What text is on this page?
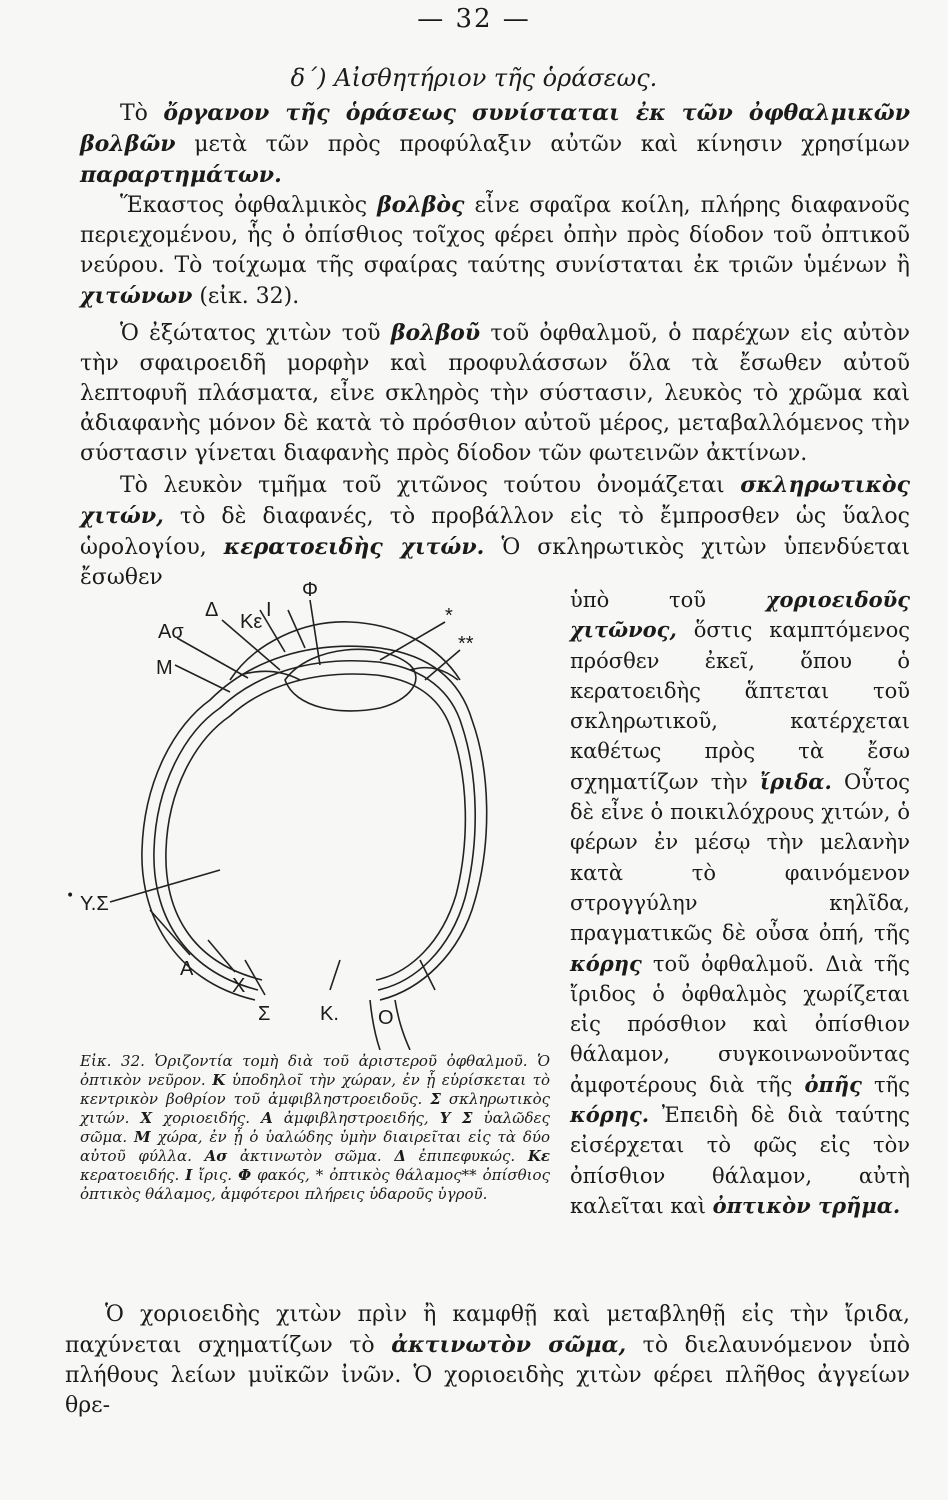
— 32 —
δ΄) Αἰσθητήριον τῆς ὁράσεως.

Τὸ ὄργανον τῆς ὁράσεως συνίσταται ἐκ τῶν ὀφθαλμικῶν βολβῶν μετὰ τῶν πρὸς προφύλαξιν αὐτῶν καὶ κίνησιν χρησίμων παραρτημάτων.

Ἕκαστος ὀφθαλμικὸς βολβὸς εἶνε σφαῖρα κοίλη, πλήρης διαφανοῦς περιεχομένου, ἧς ὁ ὀπίσθιος τοῖχος φέρει ὀπὴν πρὸς δίοδον τοῦ ὀπτικοῦ νεύρου. Τὸ τοίχωμα τῆς σφαίρας ταύτης συνίσταται ἐκ τριῶν ὑμένων ἢ χιτώνων (εἰκ. 32).

Ὁ ἐξώτατος χιτὼν τοῦ βολβοῦ τοῦ ὀφθαλμοῦ, ὁ παρέχων εἰς αὐτὸν τὴν σφαιροειδῆ μορφὴν καὶ προφυλάσσων ὅλα τὰ ἔσωθεν αὐτοῦ λεπτοφυῆ πλάσματα, εἶνε σκληρὸς τὴν σύστασιν, λευκὸς τὸ χρῶμα καὶ ἀδιαφανὴς μόνον δὲ κατὰ τὸ πρόσθιον αὐτοῦ μέρος, μεταβαλλόμενος τὴν σύστασιν γίνεται διαφανὴς πρὸς δίοδον τῶν φωτεινῶν ἀκτίνων.

Τὸ λευκὸν τμῆμα τοῦ χιτῶνος τούτου ὀνομάζεται σκληρωτικὸς χιτών, τὸ δὲ διαφανές, τὸ προβάλλον εἰς τὸ ἔμπροσθεν ὡς ὕαλος ὡρολογίου, κερατοειδὴς χιτών. Ὁ σκληρωτικὸς χιτὼν ὑπενδύεται ἔσωθεν	Φ
Δ
Κε
Ι	*
**
Ασ
Μ
Υ.Σ
Α
Χ
Σ Κ. Ο
•

Εἰκ. 32. Ὁριζοντία τομὴ διὰ τοῦ ἀριστεροῦ ὀφθαλμοῦ. Ὁ ὀπτικὸν νεῦρον. Κ ὑποδηλοῖ τὴν χώραν, ἐν ᾗ εὑρίσκεται τὸ κεντρικὸν βοθρίον τοῦ ἀμφιβληστροειδοῦς. Σ σκληρωτικὸς χιτών. Χ χοριοειδής. Α ἀμφιβληστροειδής, Υ Σ ὑαλῶδες σῶμα. Μ χώρα, ἐν ᾗ ὁ ὑαλώδης ὑμὴν διαιρεῖται εἰς τὰ δύο αὐτοῦ φύλλα. Ασ ἀκτινωτὸν σῶμα. Δ ἐπιπεφυκώς. Κε κερατοειδής. Ι ἴρις. Φ φακός, * ὀπτικὸς θάλαμος** ὀπίσθιος ὀπτικὸς θάλαμος, ἀμφότεροι πλήρεις ὑδαροῦς ὑγροῦ.

ὑπὸ τοῦ χοριοειδοῦς χιτῶνος, ὅστις καμπτόμενος πρόσθεν ἐκεῖ, ὅπου ὁ κερατοειδὴς ἅπτεται τοῦ σκληρωτικοῦ, κατέρχεται καθέτως πρὸς τὰ ἔσω σχηματίζων τὴν ἴριδα. Οὗτος δὲ εἶνε ὁ ποικιλόχρους χιτών, ὁ φέρων ἐν μέσῳ τὴν μελανὴν κατὰ τὸ φαινόμενον στρογγύλην κηλῖδα, πραγματικῶς δὲ οὖσα ὀπή, τῆς κόρης τοῦ ὀφθαλμοῦ. Διὰ τῆς ἴριδος ὁ ὀφθαλμὸς χωρίζεται εἰς πρόσθιον καὶ ὀπίσθιον θάλαμον, συγκοινωνοῦντας ἀμφοτέρους διὰ τῆς ὀπῆς τῆς κόρης. Ἐπειδὴ δὲ διὰ ταύτης εἰσέρχεται τὸ φῶς εἰς τὸν ὀπίσθιον θάλαμον, αὐτὴ καλεῖται καὶ ὀπτικὸν τρῆμα.

Ὁ χοριοειδὴς χιτὼν πρὶν ἢ καμφθῇ καὶ μεταβληθῇ εἰς τὴν ἴριδα, παχύνεται σχηματίζων τὸ ἀκτινωτὸν σῶμα, τὸ διελαυνόμενον ὑπὸ πλήθους λείων μυϊκῶν ἰνῶν. Ὁ χοριοειδὴς χιτὼν φέρει πλῆθος ἀγγείων θρε-
